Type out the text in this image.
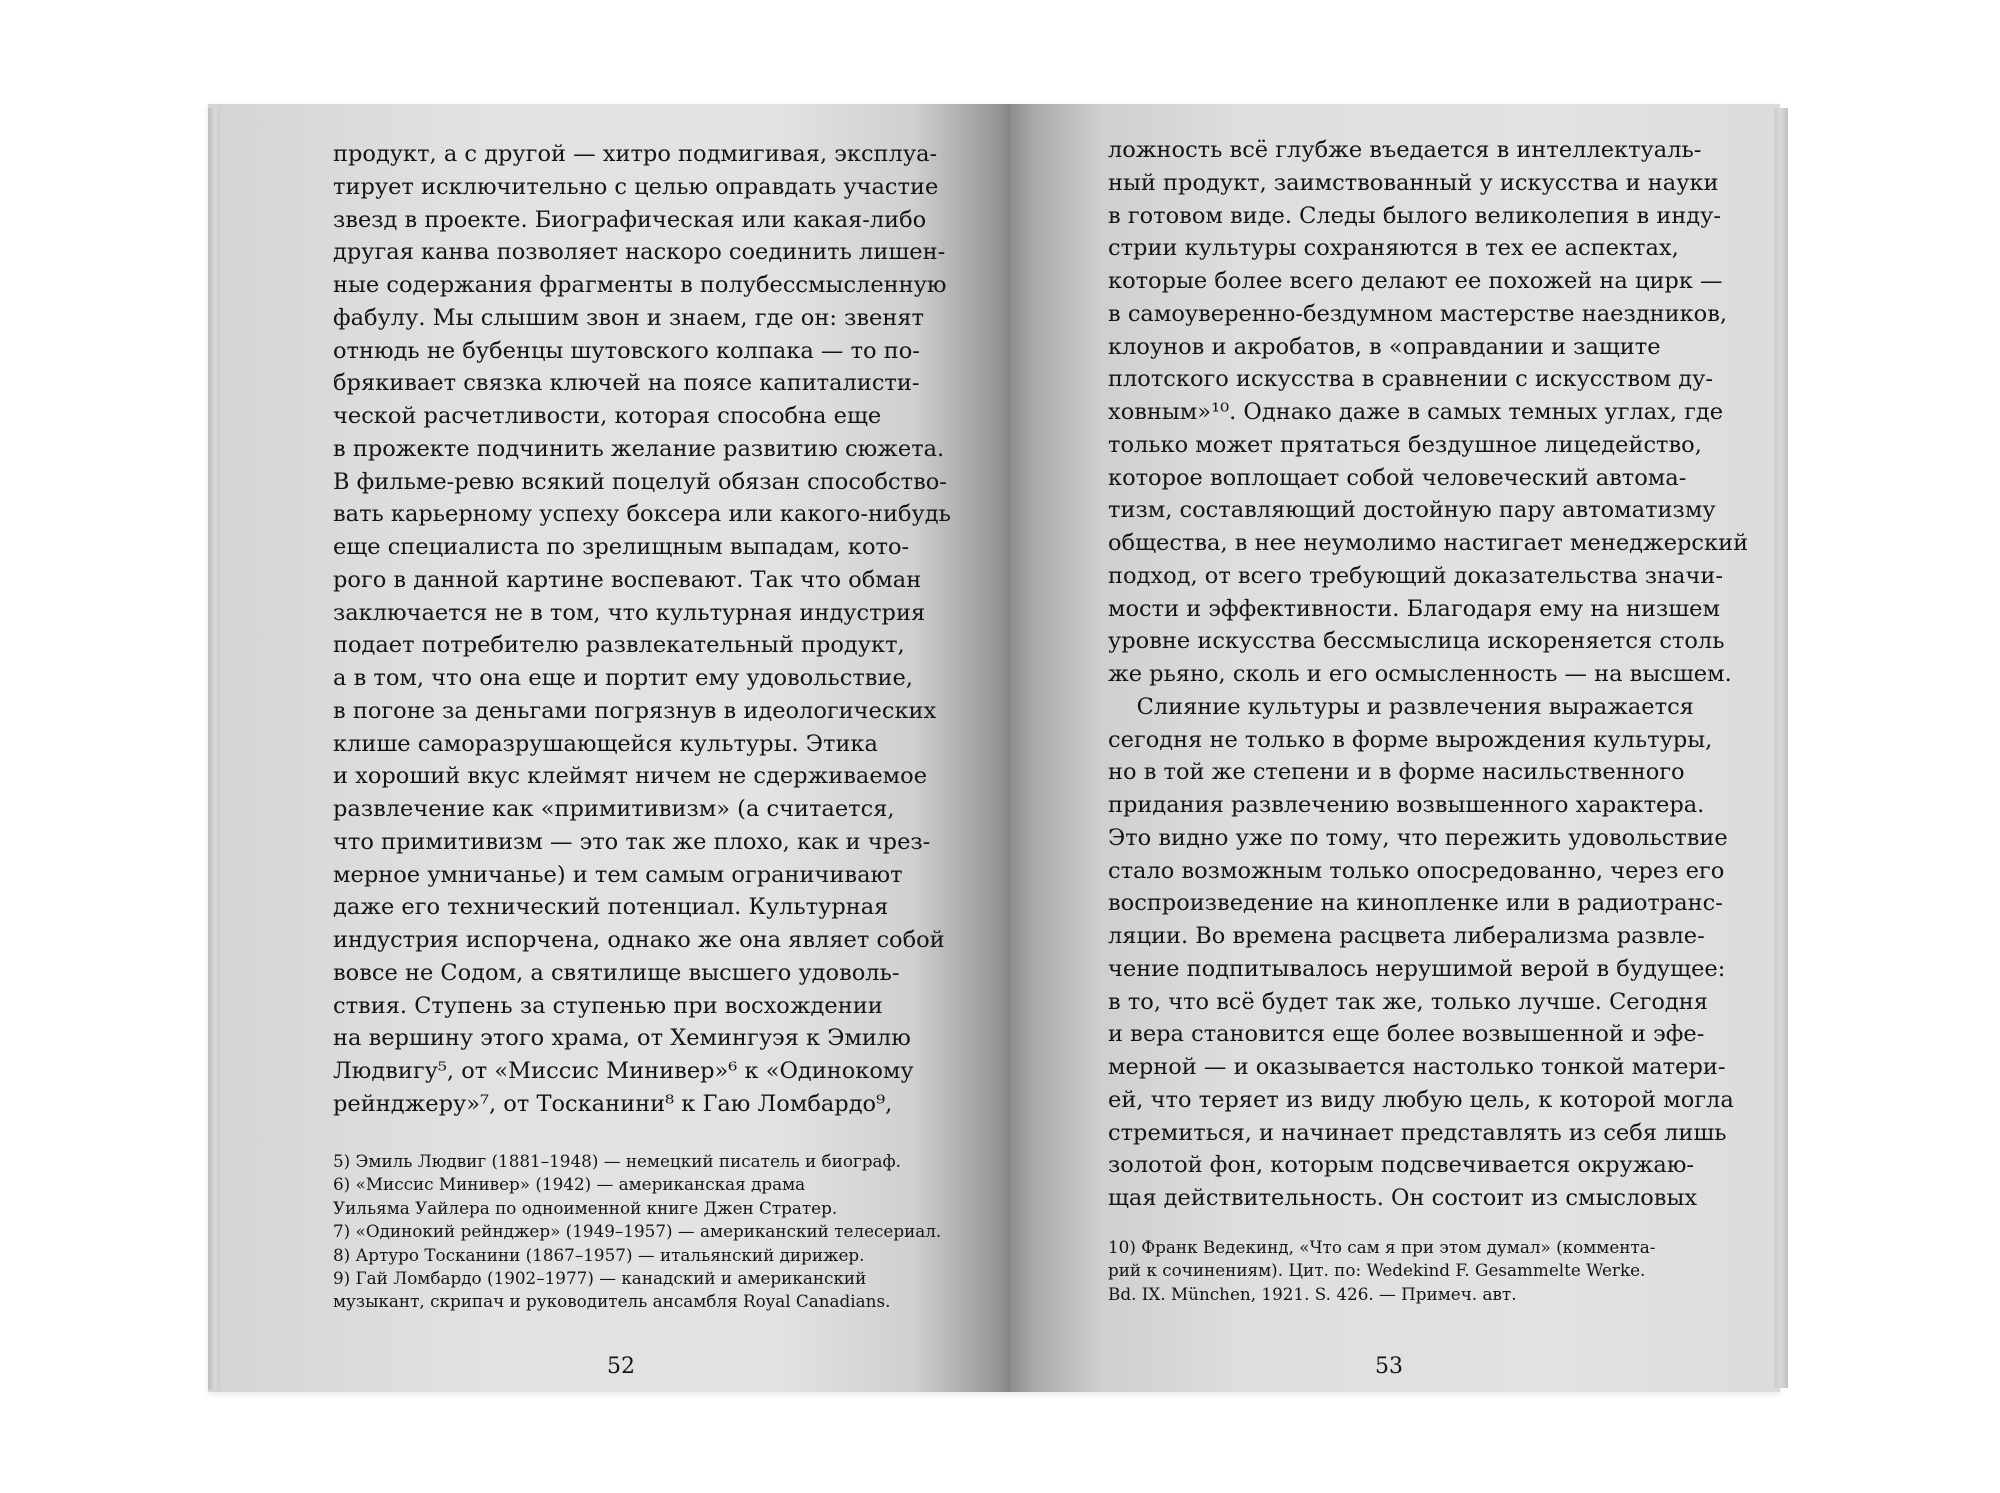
продукт, а с другой — хитро подмигивая, эксплуа-
тирует исключительно с целью оправдать участие
звезд в проекте. Биографическая или какая-либо
другая канва позволяет наскоро соединить лишен-
ные содержания фрагменты в полубессмысленную
фабулу. Мы слышим звон и знаем, где он: звенят
отнюдь не бубенцы шутовского колпака — то по-
брякивает связка ключей на поясе капиталисти-
ческой расчетливости, которая способна еще
в прожекте подчинить желание развитию сюжета.
В фильме-ревю всякий поцелуй обязан способство-
вать карьерному успеху боксера или какого-нибудь
еще специалиста по зрелищным выпадам, кото-
рого в данной картине воспевают. Так что обман
заключается не в том, что культурная индустрия
подает потребителю развлекательный продукт,
а в том, что она еще и портит ему удовольствие,
в погоне за деньгами погрязнув в идеологических
клише саморазрушающейся культуры. Этика
и хороший вкус клеймят ничем не сдерживаемое
развлечение как «примитивизм» (а считается,
что примитивизм — это так же плохо, как и чрез-
мерное умничанье) и тем самым ограничивают
даже его технический потенциал. Культурная
индустрия испорчена, однако же она являет собой
вовсе не Содом, а святилище высшего удоволь-
ствия. Ступень за ступенью при восхождении
на вершину этого храма, от Хемингуэя к Эмилю
Людвигу⁵, от «Миссис Минивер»⁶ к «Одинокому
рейнджеру»⁷, от Тосканини⁸ к Гаю Ломбардо⁹,
5) Эмиль Людвиг (1881–1948) — немецкий писатель и биограф.
6) «Миссис Минивер» (1942) — американская драма
Уильяма Уайлера по одноименной книге Джен Стратер.
7) «Одинокий рейнджер» (1949–1957) — американский телесериал.
8) Артуро Тосканини (1867–1957) — итальянский дирижер.
9) Гай Ломбардо (1902–1977) — канадский и американский
музыкант, скрипач и руководитель ансамбля Royal Canadians.
52
ложность всё глубже въедается в интеллектуаль-
ный продукт, заимствованный у искусства и науки
в готовом виде. Следы былого великолепия в инду-
стрии культуры сохраняются в тех ее аспектах,
которые более всего делают ее похожей на цирк —
в самоуверенно-бездумном мастерстве наездников,
клоунов и акробатов, в «оправдании и защите
плотского искусства в сравнении с искусством ду-
ховным»¹⁰. Однако даже в самых темных углах, где
только может прятаться бездушное лицедейство,
которое воплощает собой человеческий автома-
тизм, составляющий достойную пару автоматизму
общества, в нее неумолимо настигает менеджерский
подход, от всего требующий доказательства значи-
мости и эффективности. Благодаря ему на низшем
уровне искусства бессмыслица искореняется столь
же рьяно, сколь и его осмысленность — на высшем.
Слияние культуры и развлечения выражается
сегодня не только в форме вырождения культуры,
но в той же степени и в форме насильственного
придания развлечению возвышенного характера.
Это видно уже по тому, что пережить удовольствие
стало возможным только опосредованно, через его
воспроизведение на кинопленке или в радиотранс-
ляции. Во времена расцвета либерализма развле-
чение подпитывалось нерушимой верой в будущее:
в то, что всё будет так же, только лучше. Сегодня
и вера становится еще более возвышенной и эфе-
мерной — и оказывается настолько тонкой матери-
ей, что теряет из виду любую цель, к которой могла
стремиться, и начинает представлять из себя лишь
золотой фон, которым подсвечивается окружаю-
щая действительность. Он состоит из смысловых
10) Франк Ведекинд, «Что сам я при этом думал» (коммента-
рий к сочинениям). Цит. по: Wedekind F. Gesammelte Werke.
Bd. IX. München, 1921. S. 426. — Примеч. авт.
53
